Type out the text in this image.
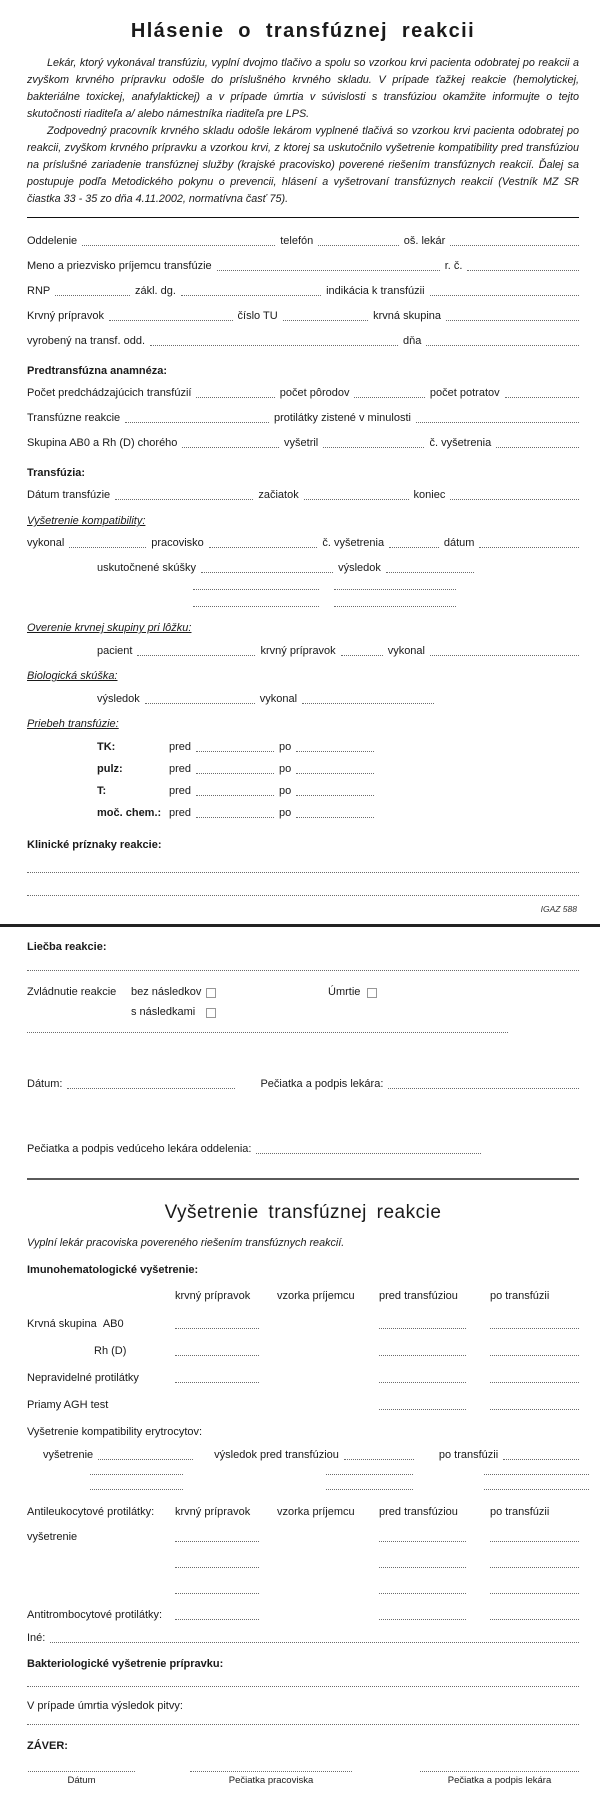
Hlásenie o transfúznej reakcii

Lekár, ktorý vykonával transfúziu, vyplní dvojmo tlačivo a spolu so vzorkou krvi pacienta odobratej po reakcii a zvyškom krvného prípravku odošle do príslušného krvného skladu. V prípade ťažkej reakcie (hemolytickej, bakteriálne toxickej, anafylaktickej) a v prípade úmrtia v súvislosti s transfúziou okamžite informujte o tejto skutočnosti riaditeľa a/ alebo námestníka riaditeľa pre LPS.

Zodpovedný pracovník krvného skladu odošle lekárom vyplnené tlačivá so vzorkou krvi pacienta odobratej po reakcii, zvyškom krvného prípravku a vzorkou krvi, z ktorej sa uskutočnilo vyšetrenie kompatibility pred transfúziou na príslušné zariadenie transfúznej služby (krajské pracovisko) poverené riešením transfúznych reakcií. Ďalej sa postupuje podľa Metodického pokynu o prevencii, hlásení a vyšetrovaní transfúznych reakcií (Vestník MZ SR čiastka 33 - 35 zo dňa 4.11.2002, normatívna časť 75).

Oddelenie	telefón	oš. lekár
Meno a priezvisko príjemcu transfúzie	r. č.
RNP	zákl. dg.	indikácia k transfúzii
Krvný prípravok	číslo TU	krvná skupina
vyrobený na transf. odd.	dňa
Predtransfúzna anamnéza:
Počet predchádzajúcich transfúzií	počet pôrodov	počet potratov
Transfúzne reakcie	protilátky zistené v minulosti
Skupina AB0 a Rh (D) chorého	vyšetril	č. vyšetrenia
Transfúzia:
Dátum transfúzie	začiatok	koniec
Vyšetrenie kompatibility:
vykonal	pracovisko	č. vyšetrenia	dátum
uskutočnené skúšky	výsledok
Overenie krvnej skupiny pri lôžku:
pacient	krvný prípravok	vykonal
Biologická skúška:
výsledok	vykonal
Priebeh transfúzie:
TK:	pred	po
pulz:	pred	po
T:	pred	po
moč. chem.: pred	po
Klinické príznaky reakcie:
IGAZ 588
Liečba reakcie:
Zvládnutie reakcie	bez následkov	Úmrtie
s následkami
Dátum:	Pečiatka a podpis lekára:
Pečiatka a podpis vedúceho lekára oddelenia:
Vyšetrenie transfúznej reakcie
Vyplní lekár pracoviska povereného riešením transfúznych reakcií.
Imunohematologické vyšetrenie:
krvný prípravok	vzorka príjemcu	pred transfúziou	po transfúzii
Krvná skupina AB0
Rh (D)
Nepravidelné protilátky
Priamy AGH test
Vyšetrenie kompatibility erytrocytov:
vyšetrenie	výsledok pred transfúziou	po transfúzii
Antileukocytové protilátky:	krvný prípravok	vzorka príjemcu	pred transfúziou	po transfúzii
vyšetrenie
Antitrombocytové protilátky:
Iné:
Bakteriologické vyšetrenie prípravku:
V prípade úmrtia výsledok pitvy:
ZÁVER:
Dátum	Pečiatka pracoviska	Pečiatka a podpis lekára
